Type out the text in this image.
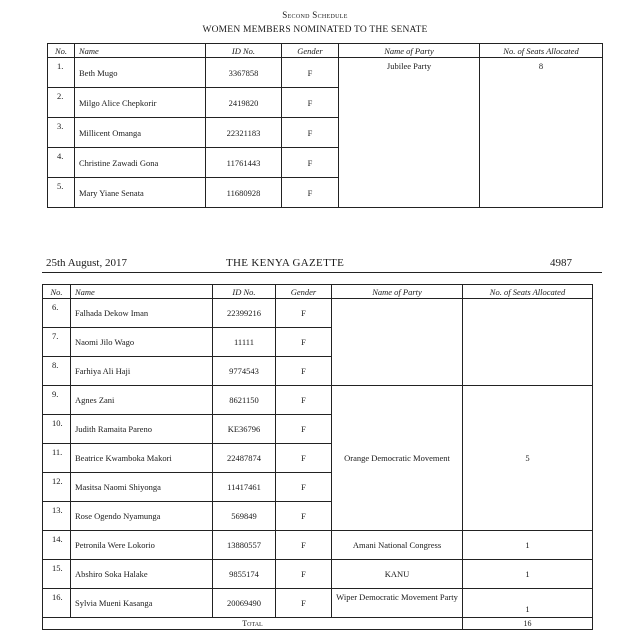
Second Schedule
WOMEN MEMBERS NOMINATED TO THE SENATE
No.	Name	ID No.	Gender	Name of Party	No. of Seats Allocated
1.	Beth Mugo	3367858	F	Jubilee Party	8
2.	Milgo Alice Chepkorir	2419820	F		
3.	Millicent Omanga	22321183	F		
4.	Christine Zawadi Gona	11761443	F		
5.	Mary Yiane Senata	11680928	F		
25th August, 2017	THE KENYA GAZETTE	4987
No.	Name	ID No.	Gender	Name of Party	No. of Seats Allocated
6.	Falhada Dekow Iman	22399216	F		
7.	Naomi Jilo Wago	11111	F		
8.	Farhiya Ali Haji	9774543	F		
9.	Agnes Zani	8621150	F	Orange Democratic Movement	5
10.	Judith Ramaita Pareno	KE36796	F		
11.	Beatrice Kwamboka Makori	22487874	F		
12.	Masitsa Naomi Shiyonga	11417461	F		
13.	Rose Ogendo Nyamunga	569849	F		
14.	Petronila Were Lokorio	13880557	F	Amani National Congress	1
15.	Abshiro Soka Halake	9855174	F	KANU	1
16.	Sylvia Mueni Kasanga	20069490	F	Wiper Democratic Movement Party	1
Total					16
